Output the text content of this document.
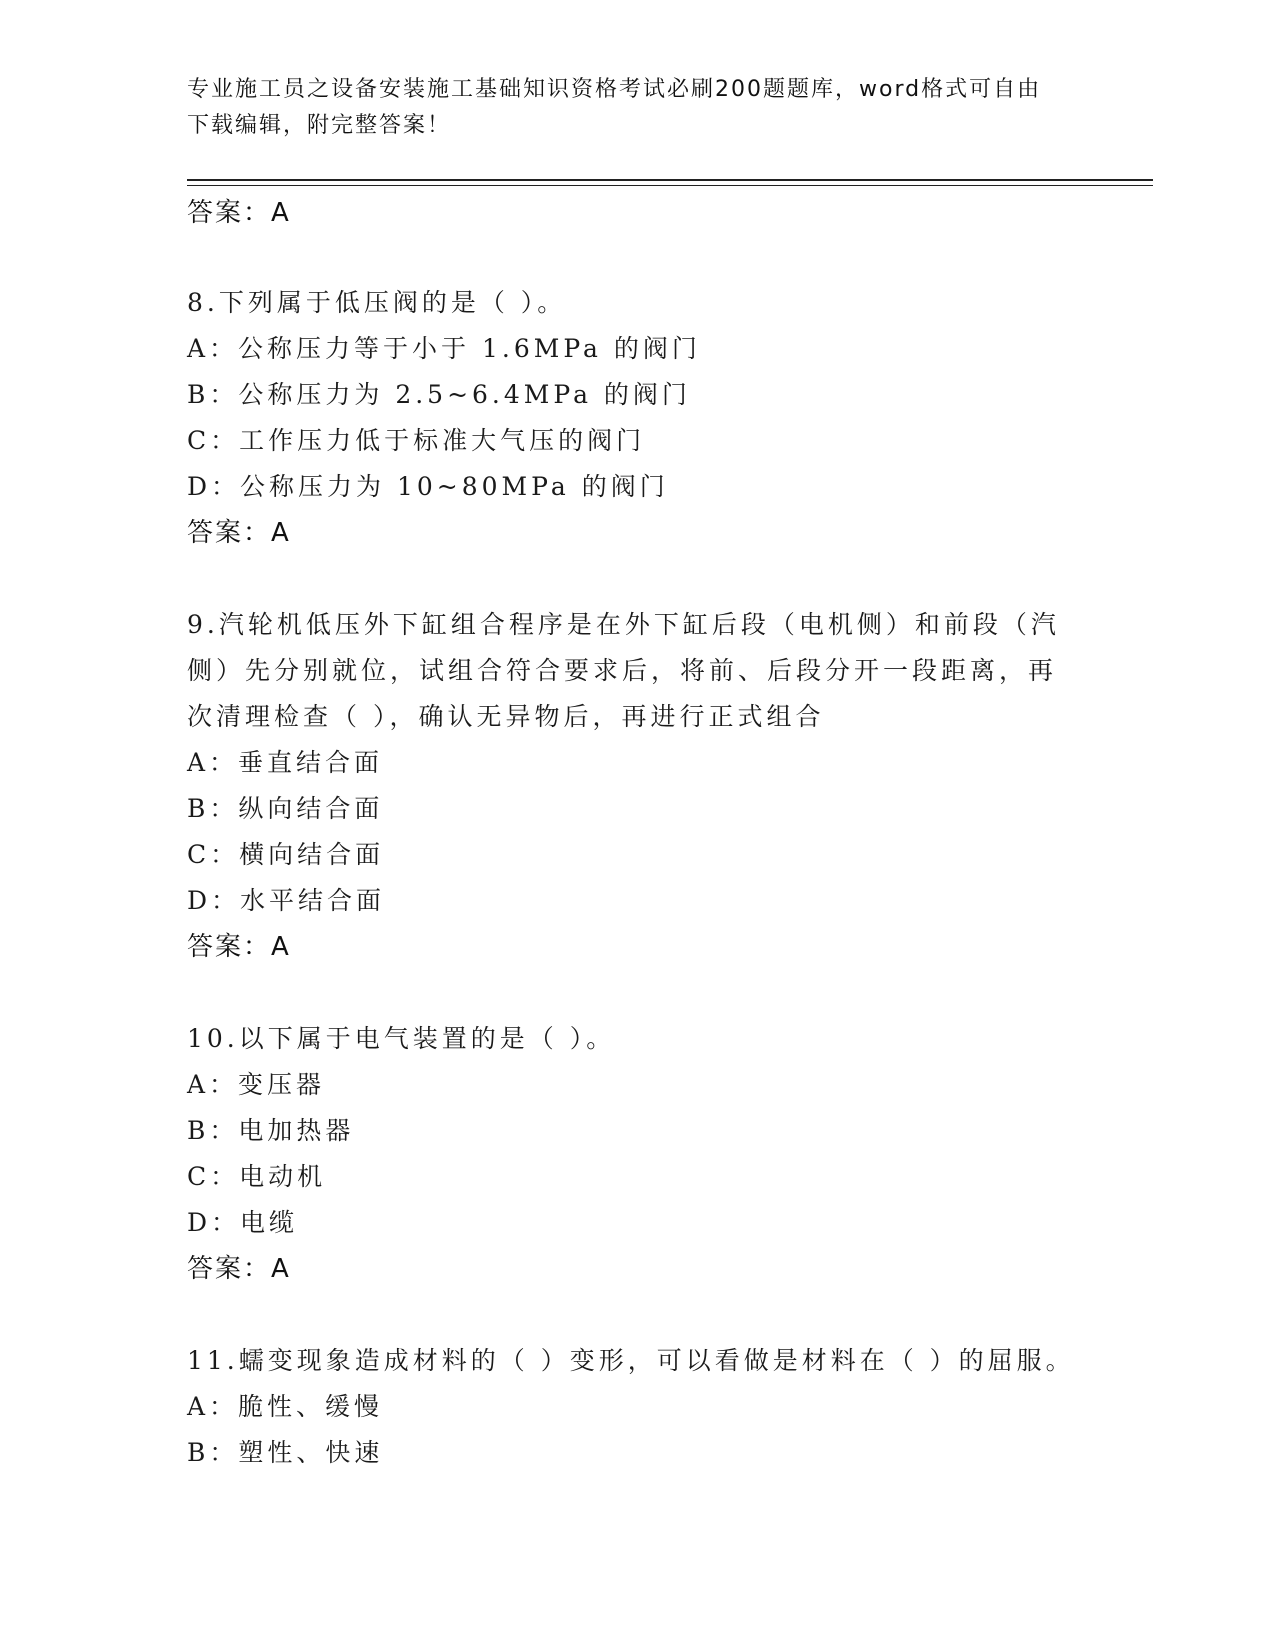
专业施工员之设备安装施工基础知识资格考试必刷200题题库，word格式可自由
下载编辑，附完整答案！
答案：A
8.下列属于低压阀的是（ ）。
A：公称压力等于小于 1.6MPa 的阀门
B：公称压力为 2.5~6.4MPa 的阀门
C：工作压力低于标准大气压的阀门
D：公称压力为 10~80MPa 的阀门
答案：A
9.汽轮机低压外下缸组合程序是在外下缸后段（电机侧）和前段（汽
侧）先分别就位，试组合符合要求后，将前、后段分开一段距离，再
次清理检查（ ），确认无异物后，再进行正式组合
A：垂直结合面
B：纵向结合面
C：横向结合面
D：水平结合面
答案：A
10.以下属于电气装置的是（ ）。
A：变压器
B：电加热器
C：电动机
D：电缆
答案：A
11.蠕变现象造成材料的（ ）变形，可以看做是材料在（ ）的屈服。
A：脆性、缓慢
B：塑性、快速
